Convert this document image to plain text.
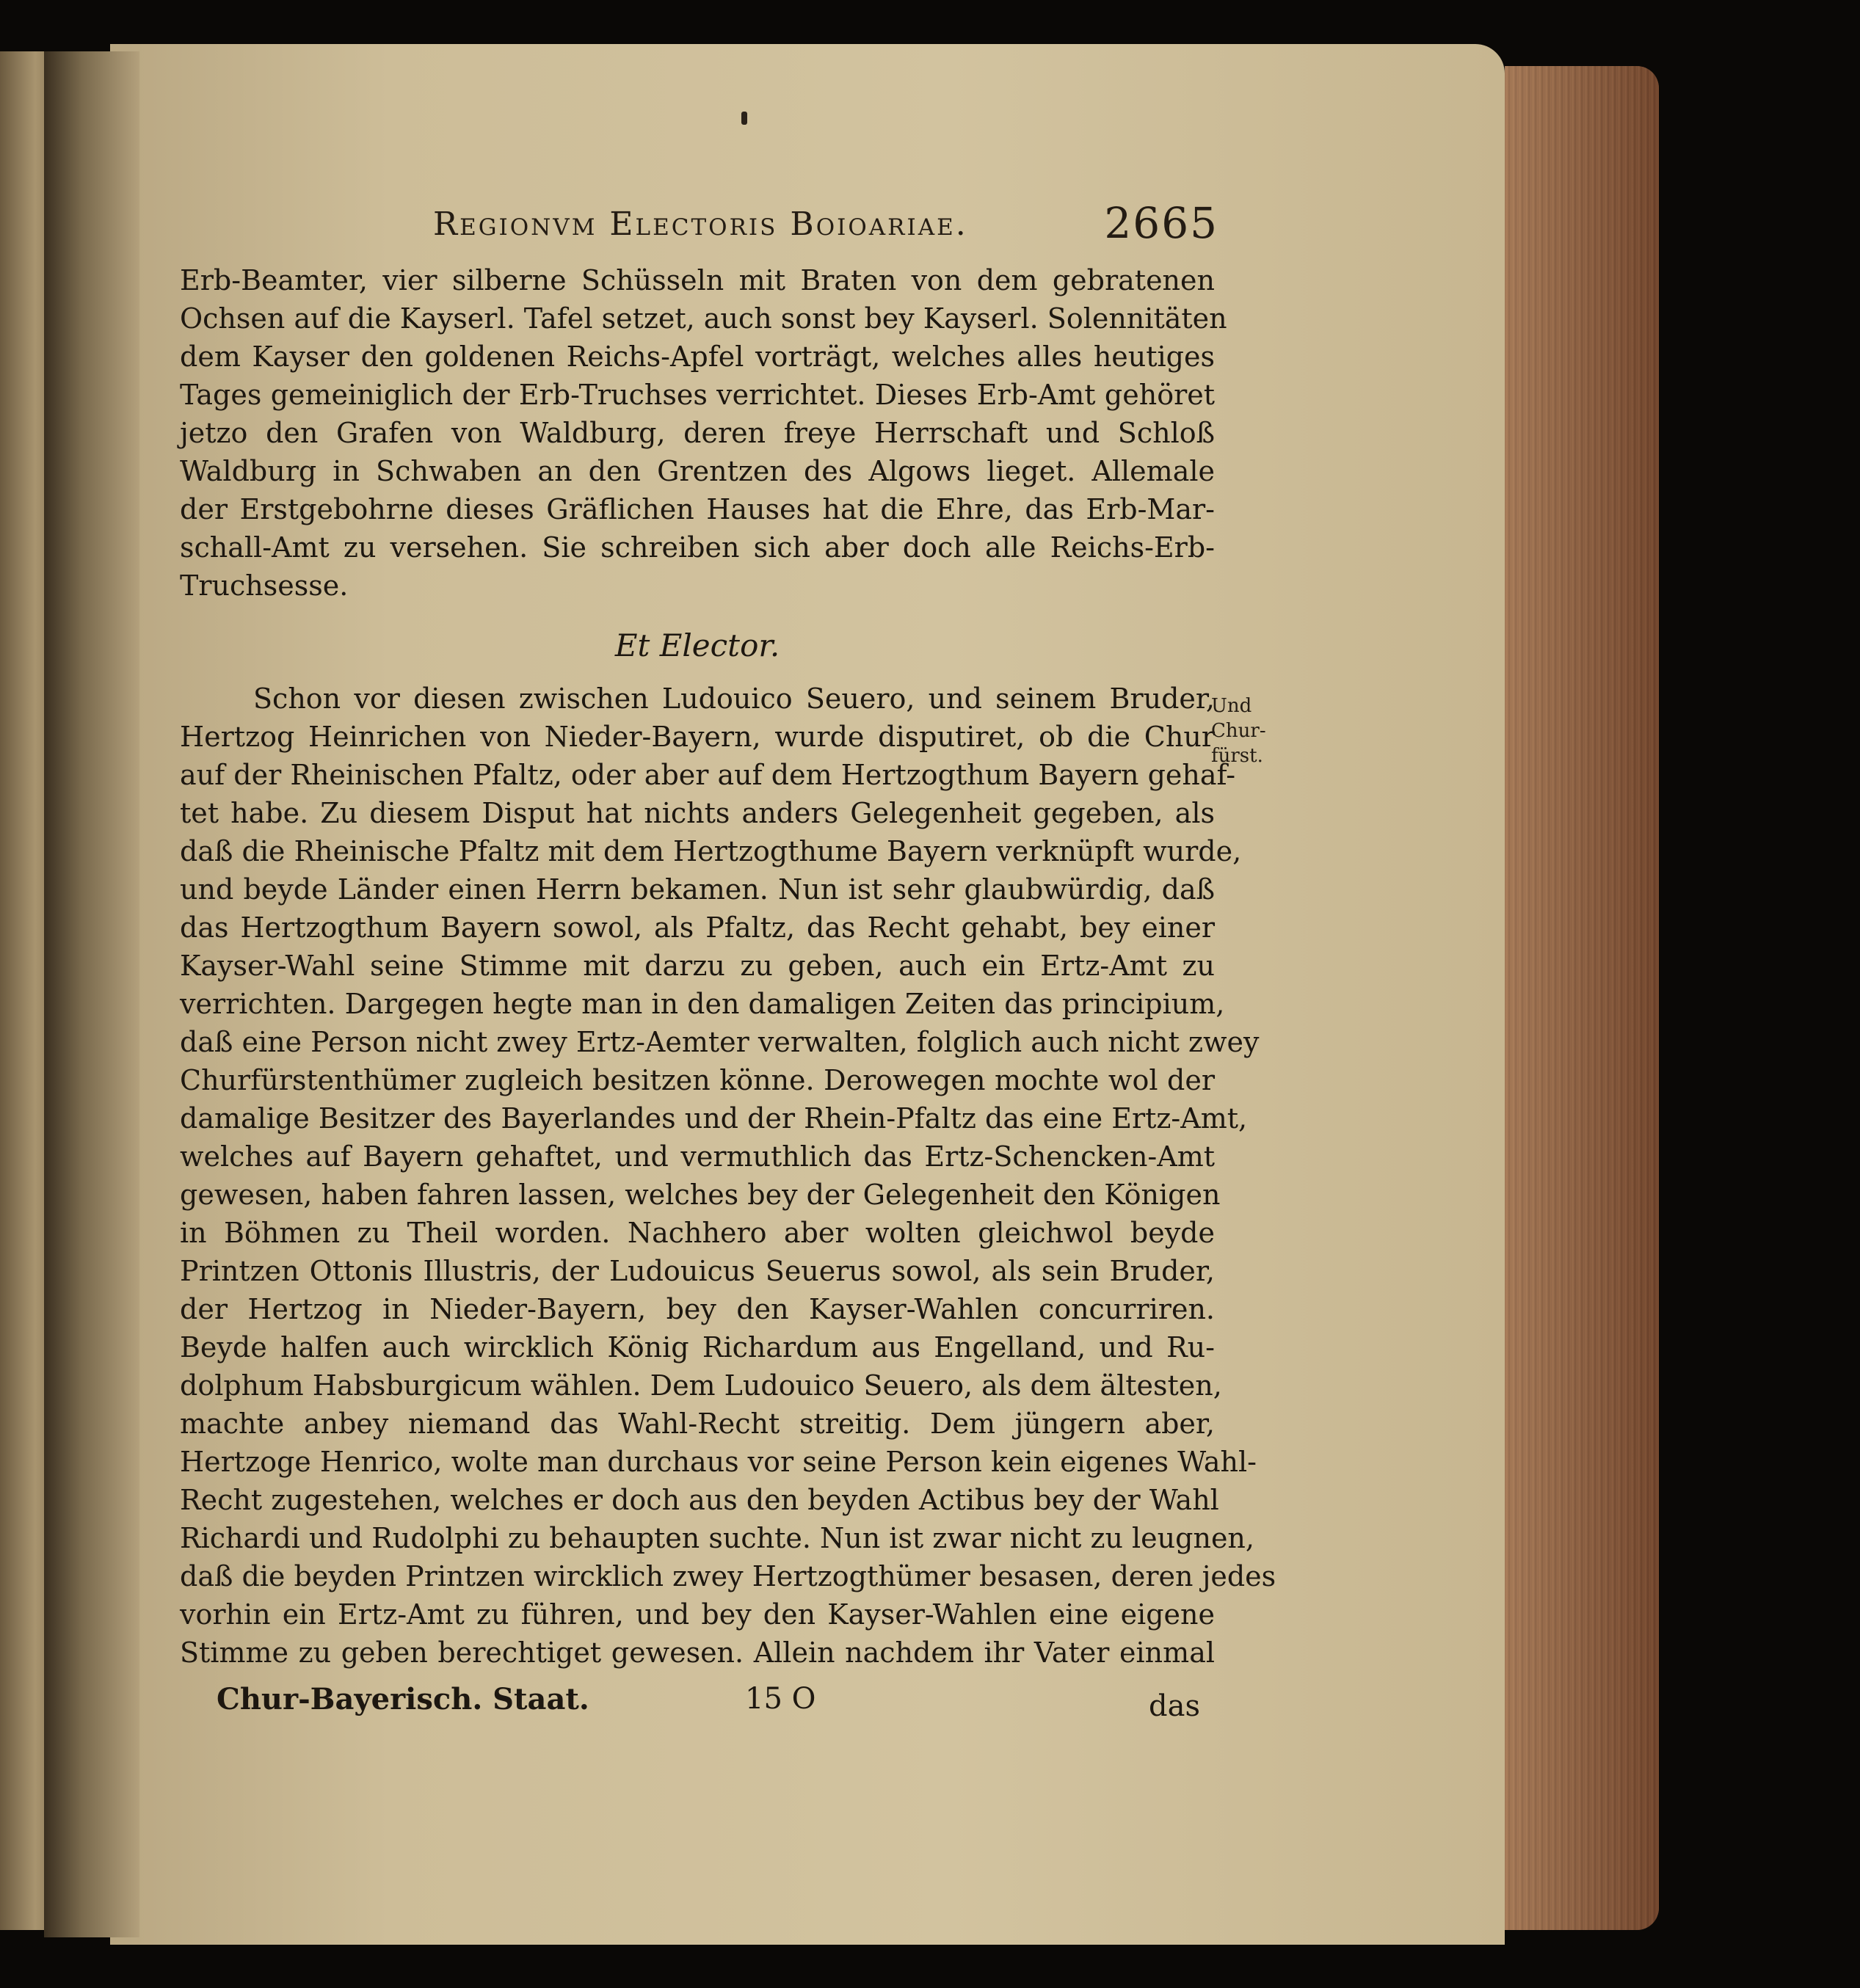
Regionvm Electoris Boioariae.	2665
Erb-Beamter, vier silberne Schüsseln mit Braten von dem gebratenen
Ochsen auf die Kayserl. Tafel setzet, auch sonst bey Kayserl. Solennitäten
dem Kayser den goldenen Reichs-Apfel vorträgt, welches alles heutiges
Tages gemeiniglich der Erb-Truchses verrichtet. Dieses Erb-Amt gehöret
jetzo den Grafen von Waldburg, deren freye Herrschaft und Schloß
Waldburg in Schwaben an den Grentzen des Algows lieget. Allemale
der Erstgebohrne dieses Gräflichen Hauses hat die Ehre, das Erb-Mar-
schall-Amt zu versehen. Sie schreiben sich aber doch alle Reichs-Erb-
Truchsesse.
Et Elector.
Schon vor diesen zwischen Ludouico Seuero, und seinem Bruder,
Hertzog Heinrichen von Nieder-Bayern, wurde disputiret, ob die Chur
auf der Rheinischen Pfaltz, oder aber auf dem Hertzogthum Bayern gehaf-
tet habe. Zu diesem Disput hat nichts anders Gelegenheit gegeben, als
daß die Rheinische Pfaltz mit dem Hertzogthume Bayern verknüpft wurde,
und beyde Länder einen Herrn bekamen. Nun ist sehr glaubwürdig, daß
das Hertzogthum Bayern sowol, als Pfaltz, das Recht gehabt, bey einer
Kayser-Wahl seine Stimme mit darzu zu geben, auch ein Ertz-Amt zu
verrichten. Dargegen hegte man in den damaligen Zeiten das principium,
daß eine Person nicht zwey Ertz-Aemter verwalten, folglich auch nicht zwey
Churfürstenthümer zugleich besitzen könne. Derowegen mochte wol der
damalige Besitzer des Bayerlandes und der Rhein-Pfaltz das eine Ertz-Amt,
welches auf Bayern gehaftet, und vermuthlich das Ertz-Schencken-Amt
gewesen, haben fahren lassen, welches bey der Gelegenheit den Königen
in Böhmen zu Theil worden. Nachhero aber wolten gleichwol beyde
Printzen Ottonis Illustris, der Ludouicus Seuerus sowol, als sein Bruder,
der Hertzog in Nieder-Bayern, bey den Kayser-Wahlen concurriren.
Beyde halfen auch wircklich König Richardum aus Engelland, und Ru-
dolphum Habsburgicum wählen. Dem Ludouico Seuero, als dem ältesten,
machte anbey niemand das Wahl-Recht streitig. Dem jüngern aber,
Hertzoge Henrico, wolte man durchaus vor seine Person kein eigenes Wahl-
Recht zugestehen, welches er doch aus den beyden Actibus bey der Wahl
Richardi und Rudolphi zu behaupten suchte. Nun ist zwar nicht zu leugnen,
daß die beyden Printzen wircklich zwey Hertzogthümer besasen, deren jedes
vorhin ein Ertz-Amt zu führen, und bey den Kayser-Wahlen eine eigene
Stimme zu geben berechtiget gewesen. Allein nachdem ihr Vater einmal
Chur-Bayerisch. Staat.	15 O	das
Und Chur-
fürst.
